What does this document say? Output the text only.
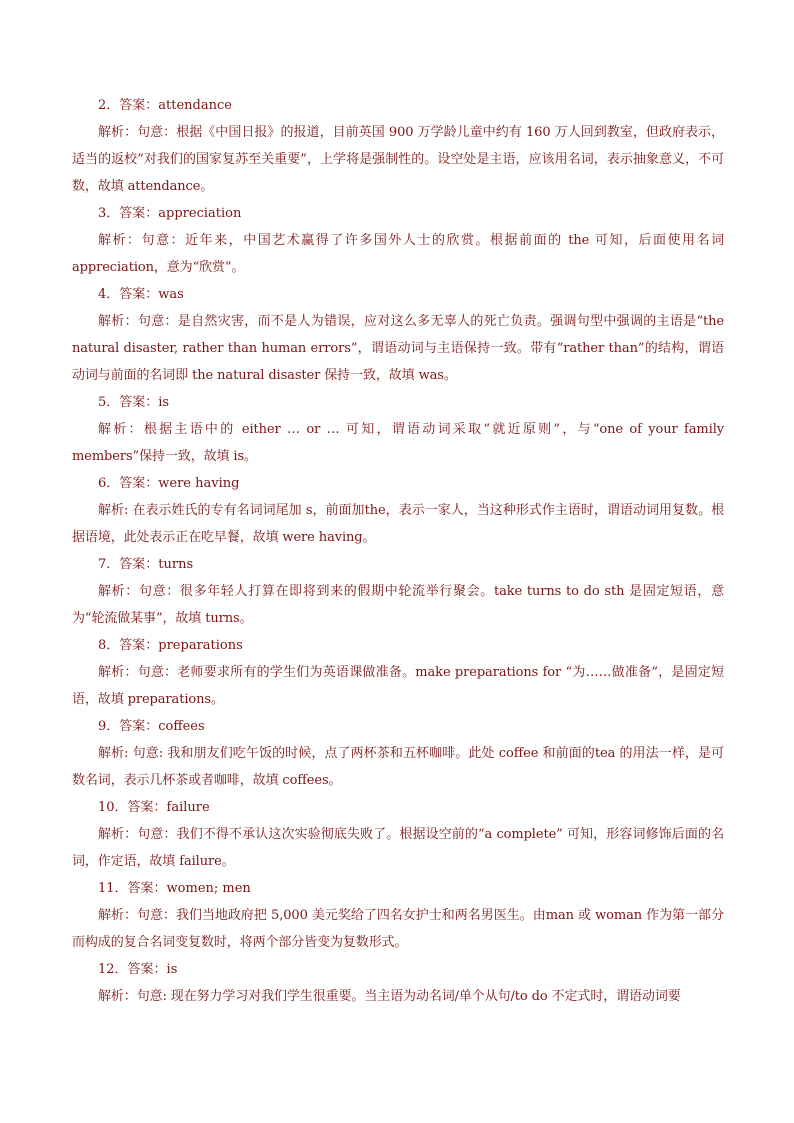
2．答案：attendance
解析：句意：根据《中国日报》的报道，目前英国 900 万学龄儿童中约有 160 万人回到教室，但政府表示，适当的返校“对我们的国家复苏至关重要”，上学将是强制性的。设空处是主语，应该用名词，表示抽象意义，不可数，故填 attendance。
3．答案：appreciation
解析：句意：近年来，中国艺术赢得了许多国外人士的欣赏。根据前面的 the 可知，后面使用名词 appreciation，意为“欣赏”。
4．答案：was
解析：句意：是自然灾害，而不是人为错误，应对这么多无辜人的死亡负责。强调句型中强调的主语是“the natural disaster, rather than human errors”，谓语动词与主语保持一致。带有“rather than”的结构，谓语动词与前面的名词即 the natural disaster 保持一致，故填 was。
5．答案：is
解析：根据主语中的 either … or … 可知，谓语动词采取“就近原则”，与“one of your family members”保持一致，故填 is。
6．答案：were having
解析: 在表示姓氏的专有名词词尾加 s，前面加the，表示一家人，当这种形式作主语时，谓语动词用复数。根据语境，此处表示正在吃早餐，故填 were having。
7．答案：turns
解析：句意：很多年轻人打算在即将到来的假期中轮流举行聚会。take turns to do sth 是固定短语，意为“轮流做某事”，故填 turns。
8．答案：preparations
解析：句意：老师要求所有的学生们为英语课做准备。make preparations for “为……做准备”，是固定短语，故填 preparations。
9．答案：coffees
解析: 句意: 我和朋友们吃午饭的时候，点了两杯茶和五杯咖啡。此处 coffee 和前面的tea 的用法一样，是可数名词，表示几杯茶或者咖啡，故填 coffees。
10．答案：failure
解析：句意：我们不得不承认这次实验彻底失败了。根据设空前的“a complete” 可知，形容词修饰后面的名词，作定语，故填 failure。
11．答案：women; men
解析：句意：我们当地政府把 5,000 美元奖给了四名女护士和两名男医生。由man 或 woman 作为第一部分而构成的复合名词变复数时，将两个部分皆变为复数形式。
12．答案：is
解析：句意: 现在努力学习对我们学生很重要。当主语为动名词/单个从句/to do 不定式时，谓语动词要
